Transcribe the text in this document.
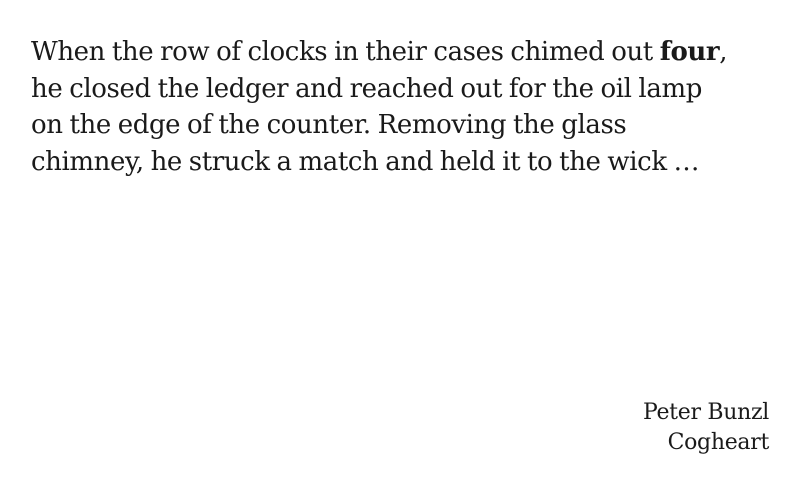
When the row of clocks in their cases chimed out four,
he closed the ledger and reached out for the oil lamp
on the edge of the counter. Removing the glass
chimney, he struck a match and held it to the wick …

Peter Bunzl
Cogheart
